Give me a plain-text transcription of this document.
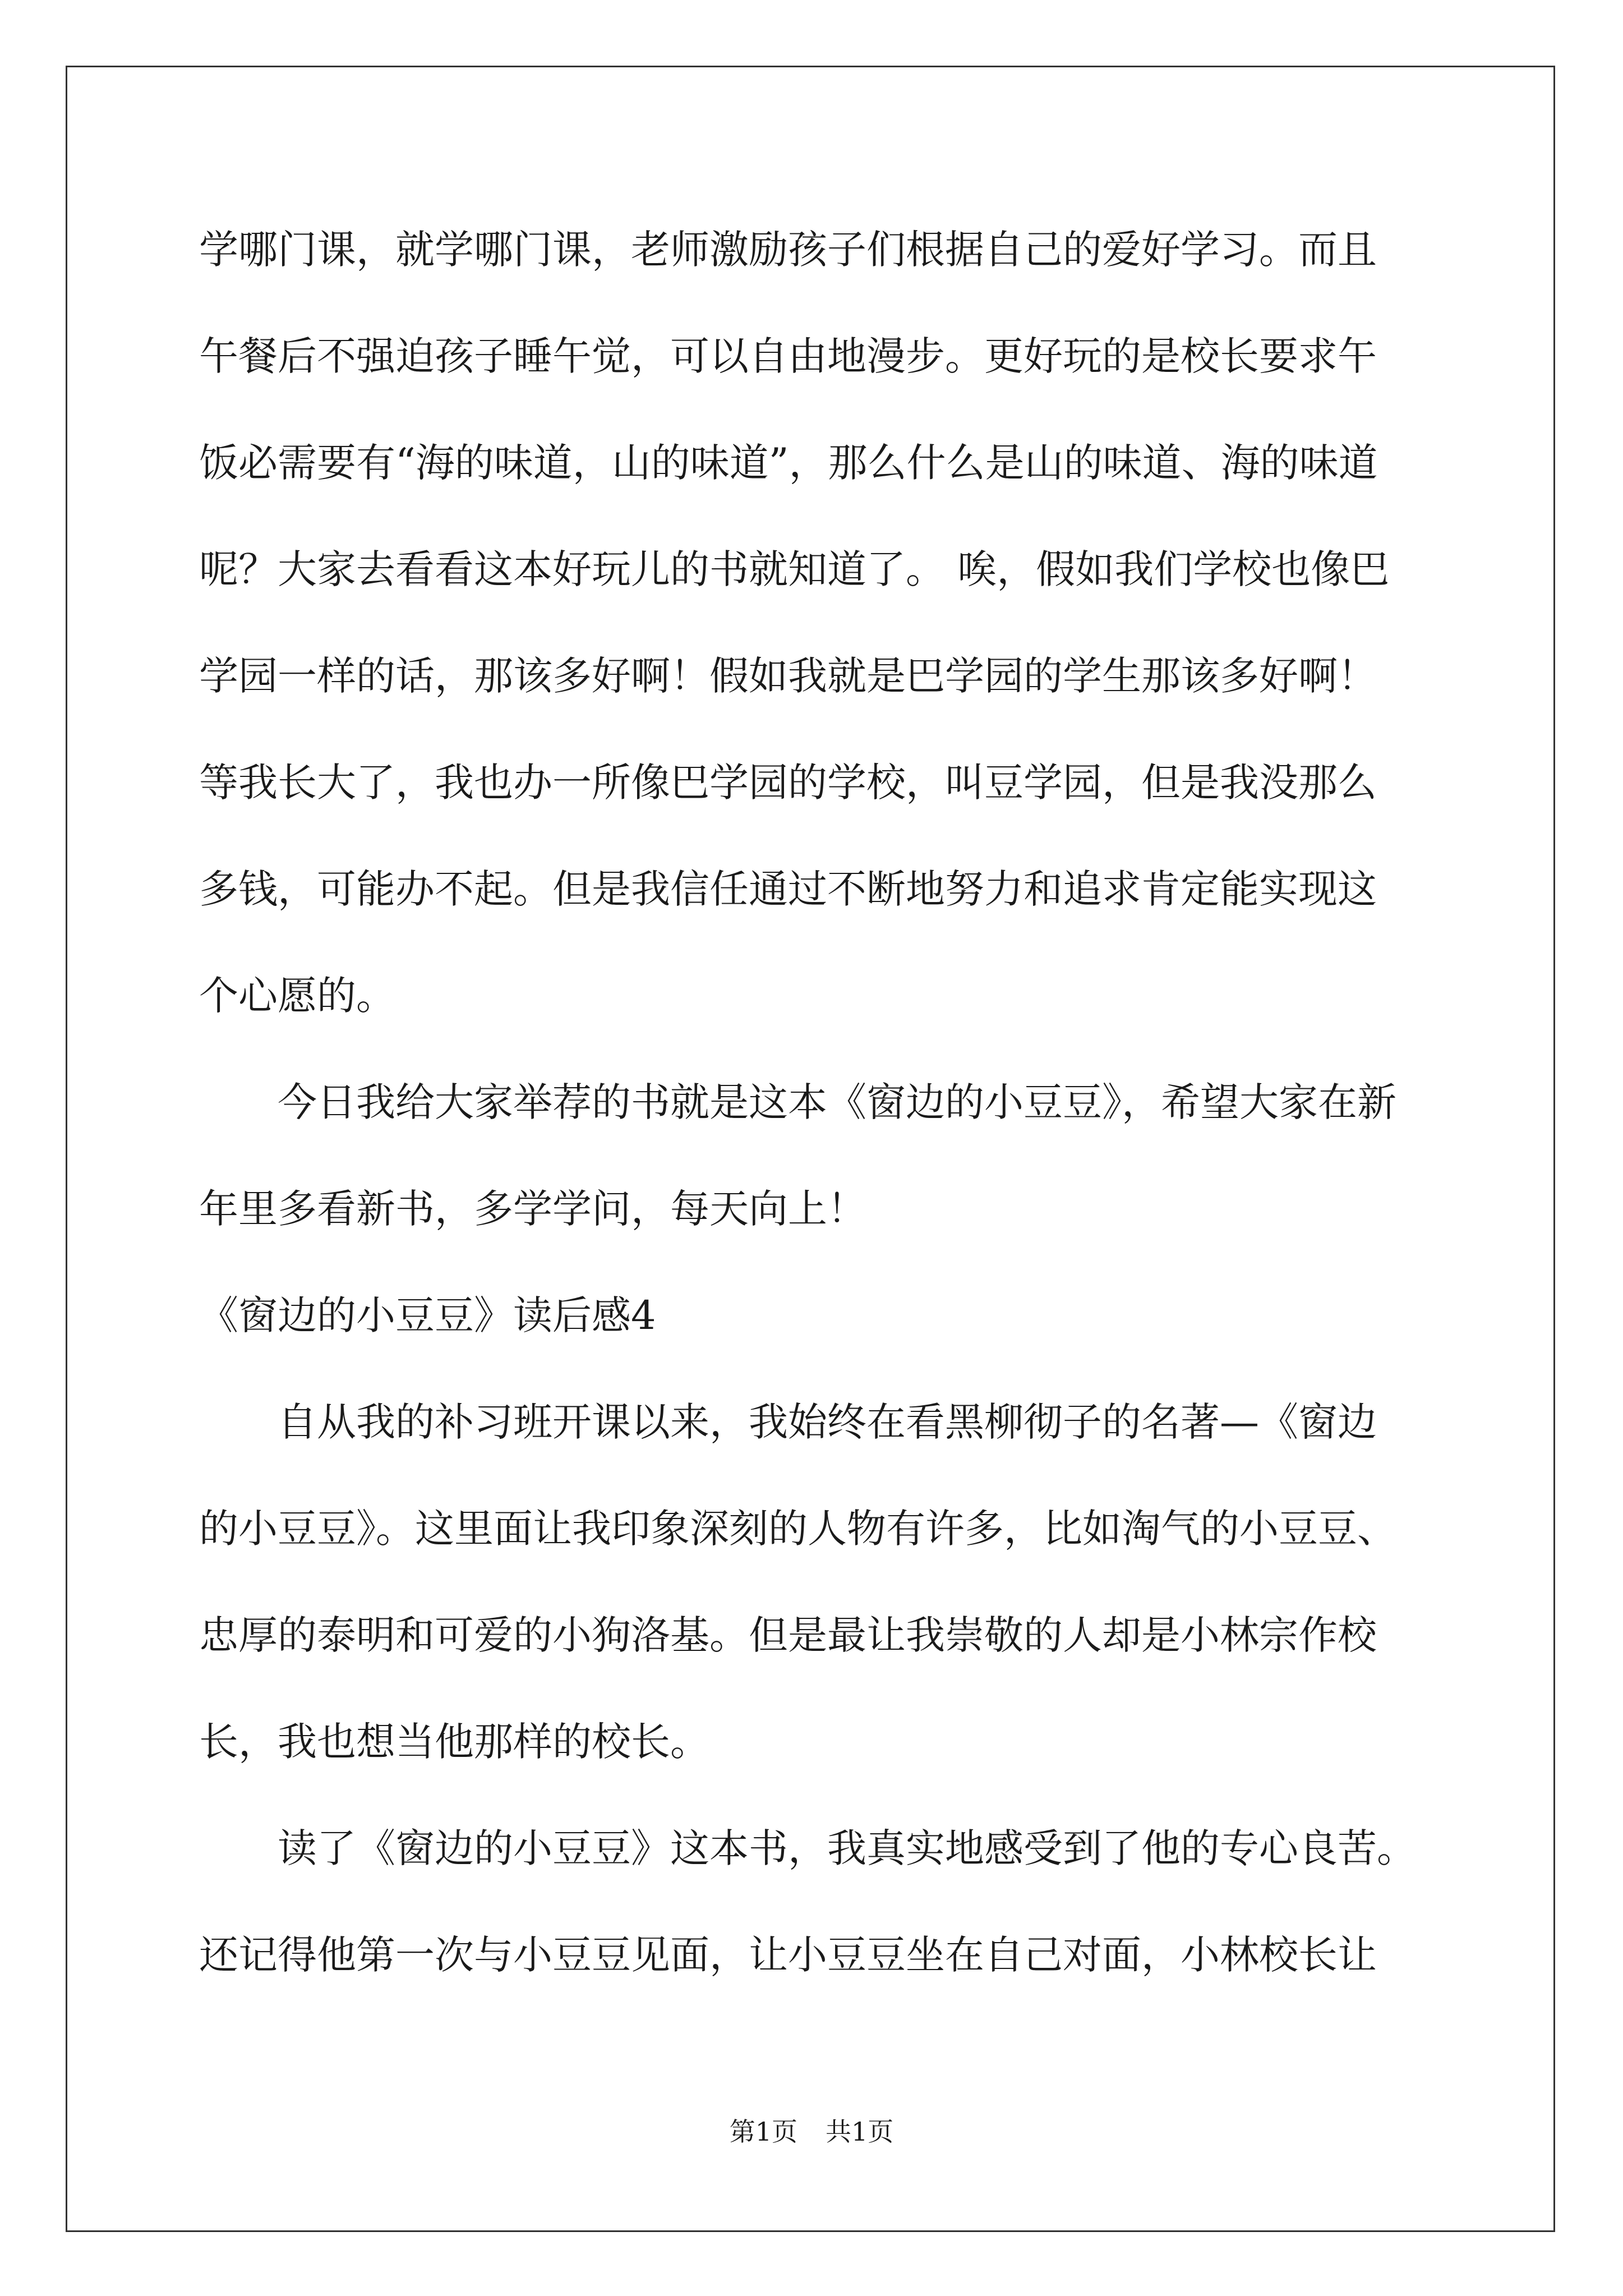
学哪门课，就学哪门课，老师激励孩子们根据自己的爱好学习。而且
午餐后不强迫孩子睡午觉，可以自由地漫步。更好玩的是校长要求午
饭必需要有“海的味道，山的味道”，那么什么是山的味道、海的味道
呢？大家去看看这本好玩儿的书就知道了。 唉，假如我们学校也像巴
学园一样的话，那该多好啊！假如我就是巴学园的学生那该多好啊！
等我长大了，我也办一所像巴学园的学校，叫豆学园，但是我没那么
多钱，可能办不起。但是我信任通过不断地努力和追求肯定能实现这
个心愿的。
今日我给大家举荐的书就是这本《窗边的小豆豆》，希望大家在新
年里多看新书，多学学问，每天向上！
《窗边的小豆豆》读后感4
自从我的补习班开课以来，我始终在看黑柳彻子的名著—《窗边
的小豆豆》。这里面让我印象深刻的人物有许多，比如淘气的小豆豆、
忠厚的泰明和可爱的小狗洛基。但是最让我崇敬的人却是小林宗作校
长，我也想当他那样的校长。
读了《窗边的小豆豆》这本书，我真实地感受到了他的专心良苦。
还记得他第一次与小豆豆见面，让小豆豆坐在自己对面，小林校长让
第1页 共1页
